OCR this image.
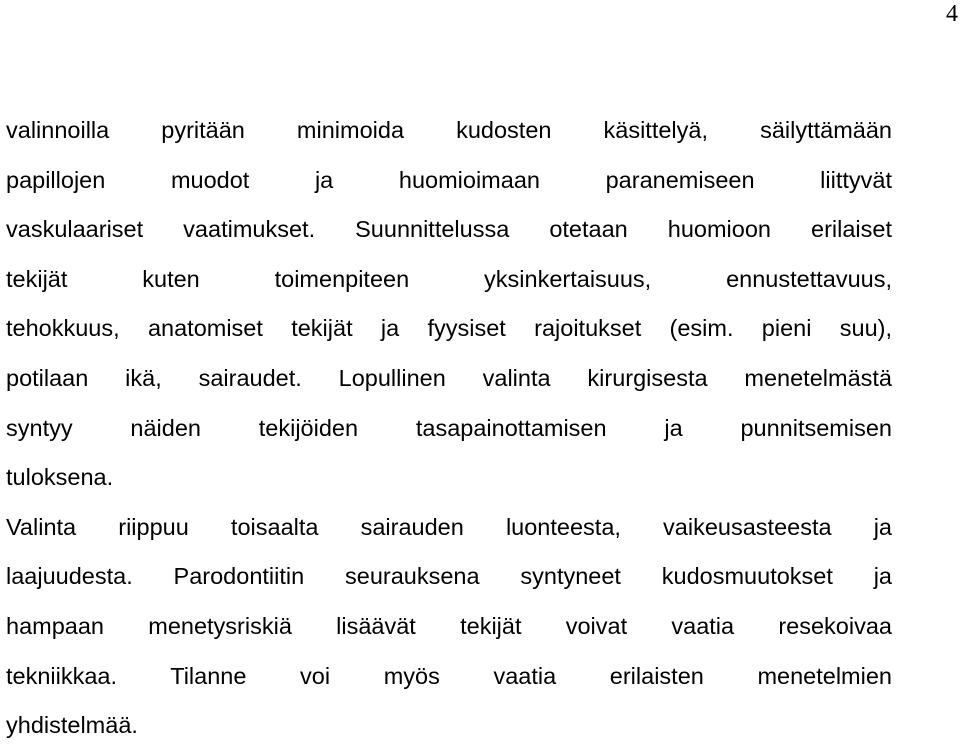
4
valinnoilla pyritään minimoida kudosten käsittelyä, säilyttämään
papillojen muodot ja huomioimaan paranemiseen liittyvät
vaskulaariset vaatimukset. Suunnittelussa otetaan huomioon erilaiset
tekijät kuten toimenpiteen yksinkertaisuus, ennustettavuus,
tehokkuus, anatomiset tekijät ja fyysiset rajoitukset (esim. pieni suu),
potilaan ikä, sairaudet. Lopullinen valinta kirurgisesta menetelmästä
syntyy näiden tekijöiden tasapainottamisen ja punnitsemisen
tuloksena.
Valinta riippuu toisaalta sairauden luonteesta, vaikeusasteesta ja
laajuudesta. Parodontiitin seurauksena syntyneet kudosmuutokset ja
hampaan menetysriskiä lisäävät tekijät voivat vaatia resekoivaa
tekniikkaa. Tilanne voi myös vaatia erilaisten menetelmien
yhdistelmää.
